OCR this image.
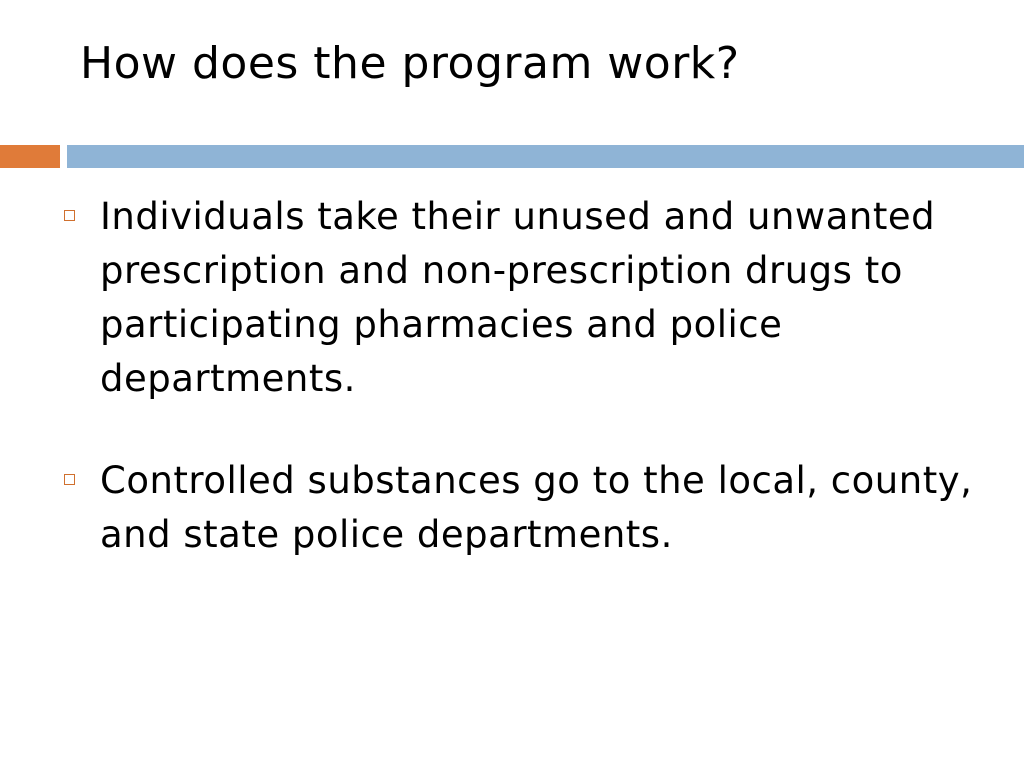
How does the program work?
Individuals take their unused and unwanted prescription and non-prescription drugs to participating pharmacies and police departments.
Controlled substances go to the local, county, and state police departments.
